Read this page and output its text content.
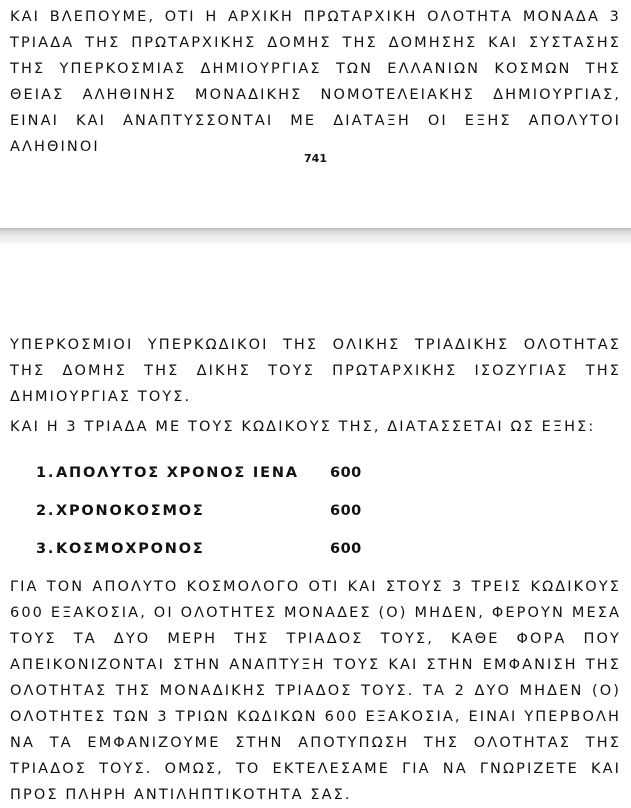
ΚΑΙ ΒΛΕΠΟΥΜΕ, ΟΤΙ Η ΑΡΧΙΚΗ ΠΡΩΤΑΡΧΙΚΗ ΟΛΟΤΗΤΑ ΜΟΝΑΔΑ 3 ΤΡΙΑΔΑ ΤΗΣ ΠΡΩΤΑΡΧΙΚΗΣ ΔΟΜΗΣ ΤΗΣ ΔΟΜΗΣΗΣ ΚΑΙ ΣΥΣΤΑΣΗΣ ΤΗΣ ΥΠΕΡΚΟΣΜΙΑΣ ΔΗΜΙΟΥΡΓΙΑΣ ΤΩΝ ΕΛΛΑΝΙΩΝ ΚΟΣΜΩΝ ΤΗΣ ΘΕΙΑΣ ΑΛΗΘΙΝΗΣ ΜΟΝΑΔΙΚΗΣ ΝΟΜΟΤΕΛΕΙΑΚΗΣ ΔΗΜΙΟΥΡΓΙΑΣ, ΕΙΝΑΙ ΚΑΙ ΑΝΑΠΤΥΣΣΟΝΤΑΙ ΜΕ ΔΙΑΤΑΞΗ ΟΙ ΕΞΗΣ ΑΠΟΛΥΤΟΙ ΑΛΗΘΙΝΟΙ

741

ΥΠΕΡΚΟΣΜΙΟΙ ΥΠΕΡΚΩΔΙΚΟΙ ΤΗΣ ΟΛΙΚΗΣ ΤΡΙΑΔΙΚΗΣ ΟΛΟΤΗΤΑΣ ΤΗΣ ΔΟΜΗΣ ΤΗΣ ΔΙΚΗΣ ΤΟΥΣ ΠΡΩΤΑΡΧΙΚΗΣ ΙΣΟΖΥΓΙΑΣ ΤΗΣ ΔΗΜΙΟΥΡΓΙΑΣ ΤΟΥΣ.

ΚΑΙ Η 3 ΤΡΙΑΔΑ ΜΕ ΤΟΥΣ ΚΩΔΙΚΟΥΣ ΤΗΣ, ΔΙΑΤΑΣΣΕΤΑΙ ΩΣ ΕΞΗΣ:

1. ΑΠΟΛΥΤΟΣ ΧΡΟΝΟΣ ΙΕΝΑ	600
2. ΧΡΟΝΟΚΟΣΜΟΣ	600
3. ΚΟΣΜΟΧΡΟΝΟΣ	600

ΓΙΑ ΤΟΝ ΑΠΟΛΥΤΟ ΚΟΣΜΟΛΟΓΟ ΟΤΙ ΚΑΙ ΣΤΟΥΣ 3 ΤΡΕΙΣ ΚΩΔΙΚΟΥΣ 600 ΕΞΑΚΟΣΙΑ, ΟΙ ΟΛΟΤΗΤΕΣ ΜΟΝΑΔΕΣ (Ο) ΜΗΔΕΝ, ΦΕΡΟΥΝ ΜΕΣΑ ΤΟΥΣ ΤΑ ΔΥΟ ΜΕΡΗ ΤΗΣ ΤΡΙΑΔΟΣ ΤΟΥΣ, ΚΑΘΕ ΦΟΡΑ ΠΟΥ ΑΠΕΙΚΟΝΙΖΟΝΤΑΙ ΣΤΗΝ ΑΝΑΠΤΥΞΗ ΤΟΥΣ ΚΑΙ ΣΤΗΝ ΕΜΦΑΝΙΣΗ ΤΗΣ ΟΛΟΤΗΤΑΣ ΤΗΣ ΜΟΝΑΔΙΚΗΣ ΤΡΙΑΔΟΣ ΤΟΥΣ. ΤΑ 2 ΔΥΟ ΜΗΔΕΝ (Ο) ΟΛΟΤΗΤΕΣ ΤΩΝ 3 ΤΡΙΩΝ ΚΩΔΙΚΩΝ 600 ΕΞΑΚΟΣΙΑ, ΕΙΝΑΙ ΥΠΕΡΒΟΛΗ ΝΑ ΤΑ ΕΜΦΑΝΙΖΟΥΜΕ ΣΤΗΝ ΑΠΟΤΥΠΩΣΗ ΤΗΣ ΟΛΟΤΗΤΑΣ ΤΗΣ ΤΡΙΑΔΟΣ ΤΟΥΣ. ΟΜΩΣ, ΤΟ ΕΚΤΕΛΕΣΑΜΕ ΓΙΑ ΝΑ ΓΝΩΡΙΖΕΤΕ ΚΑΙ ΠΡΟΣ ΠΛΗΡΗ ΑΝΤΙΛΗΠΤΙΚΟΤΗΤΑ ΣΑΣ.
